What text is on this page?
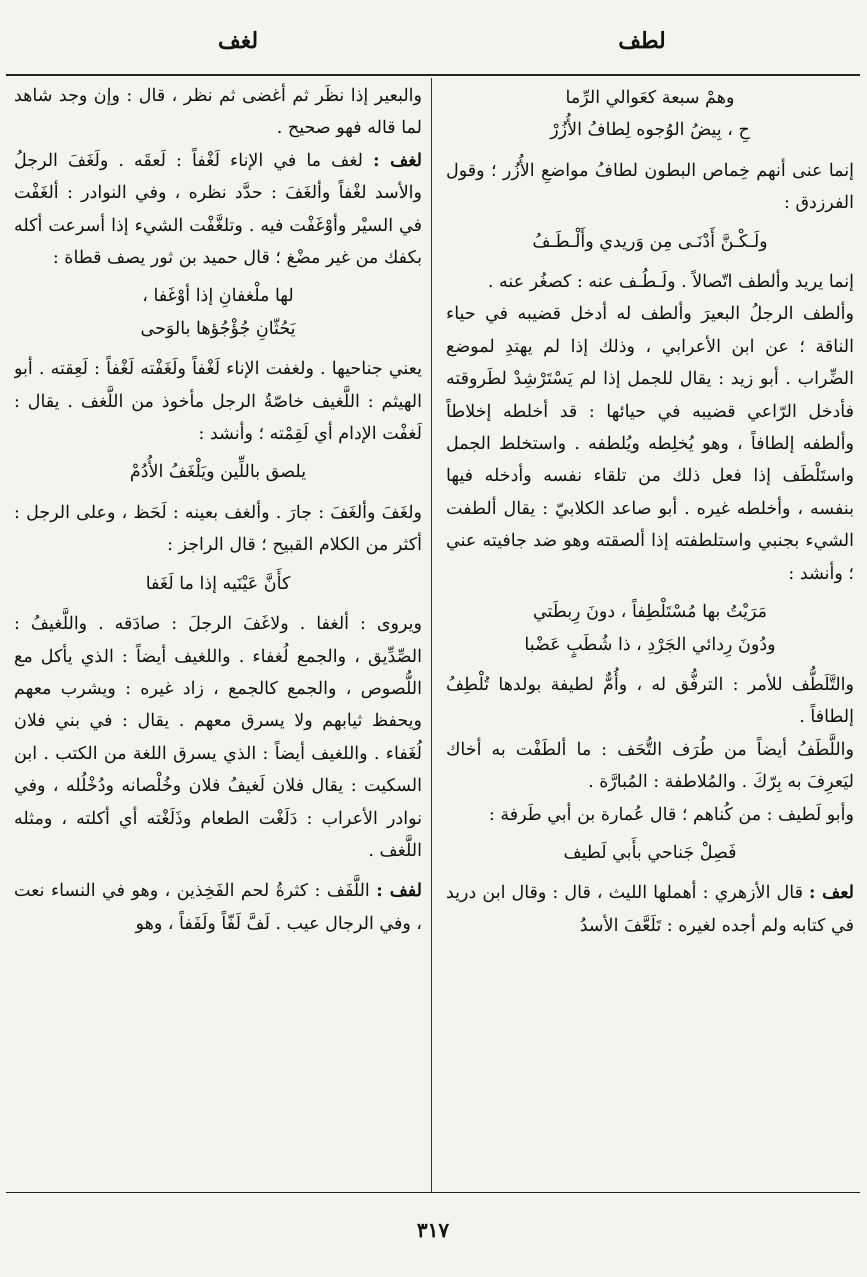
لطف
لغف
وهمْ سبعة كعَوالي الرِّما
حِ ، بِيضُ الوُجوه لِطافُ الأُزُرْ

إنما عنى أنهم خِماص البطون لطافُ مواضعِ الأُزُر ؛ وقول الفرزدق :

ولَـكْـنَّ أَدْنَـى مِن وَريدي وأَلْـطَـفُ

إنما يريد وألطف اتّصالاً . ولَـطُـف عنه : كصغُر عنه .

وألطف الرجلُ البعيرَ وألطف له أدخل قضيبه في حياء الناقة ؛ عن ابن الأعرابي ، وذلك إذا لم يهتدِ لموضع الضِّراب . أبو زيد : يقال للجمل إذا لم يَسْتَرْشِدْ لطَروقته فأدخل الرّاعي قضيبه في حيائها : قد أخلطه إخلاطاً وألطفه إلطافاً ، وهو يُخلِطه ويُلطفه . واستخلط الجمل واستَلْطَف إذا فعل ذلك من تلقاء نفسه وأدخله فيها بنفسه ، وأخلطه غيره . أبو صاعد الكلابيّ : يقال ألطفت الشيء بجنبي واستلطفته إذا ألصقته وهو ضد جافيته عني ؛ وأنشد :

مَرَيْتُ بها مُسْتَلْطِفاً ، دونَ رِبطَتي
ودُونَ رِدائي الجَرْدِ ، ذا شُطَبٍ عَضْبا

والتَّلَطُّف للأمر : الترفُّق له ، وأُمٌّ لطيفة بولدها تُلْطِفُ إلطافاً .

واللَّطَفُ أيضاً من طُرَف التُّحَف : ما ألطَفْت به أخاك ليَعرِفَ به بِرّكَ . والمُلاطفة : المُبارَّة .

وأبو لَطيف : من كُناهم ؛ قال عُمارة بن أبي طَرفة :

فَصِلْ جَناحي بأَبي لَطيف

لعف : قال الأزهري : أهملها الليث ، قال : وقال ابن دريد في كتابه ولم أجده لغيره : تَلَعَّفَ الأسدُ

والبعير إذا نظَر ثم أغضى ثم نظر ، قال : وإن وجد شاهد لما قاله فهو صحيح .

لغف : لغف ما في الإناء لَغْفاً : لَعقَه . ولَغَفَ الرجلُ والأسد لغْفاً وألغَفَ : حدَّد نظره ، وفي النوادر : ألغَفْت في السيْر وأوْغَفْت فيه . وتلغَّفْت الشيء إذا أسرعت أكله بكفك من غير مضْغ ؛ قال حميد بن ثور يصف قطاة :

لها ملْغفانِ إذا أوْغَفا ،
يَحُثّانِ جُؤْجُؤها بالوَحى

يعني جناحيها . ولغفت الإناء لَغْفاً ولَغَفْته لَغْفاً : لَعِقته . أبو الهيثم : اللَّغيف خاصّةُ الرجل مأخوذ من اللَّغف . يقال : لَغفْت الإدام أي لَقِمْته ؛ وأنشد :

يلصق باللِّين ويَلْغَفُ الأُدُمْ

ولغَفَ وألغَفَ : جارَ . وألغف بعينه : لَحَظ ، وعلى الرجل : أكثر من الكلام القبيح ؛ قال الراجز :

كأَنَّ عَيْنَيه إذا ما لَغَفا

ويروى : ألغفا . ولاغَفَ الرجلَ : صادَقه . واللَّغيفُ : الصِّدِّيق ، والجمع لُغفاء . واللغيف أيضاً : الذي يأكل مع اللُّصوص ، والجمع كالجمع ، زاد غيره : ويشرب معهم ويحفظ ثيابهم ولا يسرق معهم . يقال : في بني فلان لُغَفاء . واللغيف أيضاً : الذي يسرق اللغة من الكتب . ابن السكيت : يقال فلان لَغيفُ فلان وخُلْصانه ودُخْلُله ، وفي نوادر الأعراب : دَلَغْت الطعام وذَلَغْته أي أكلته ، ومثله اللَّغف .

لفف : اللَّفَف : كثرةُ لحم الفَخِذين ، وهو في النساء نعت ، وفي الرجال عيب . لَفَّ لَفّاً ولَفَفاً ، وهو

٣١٧
